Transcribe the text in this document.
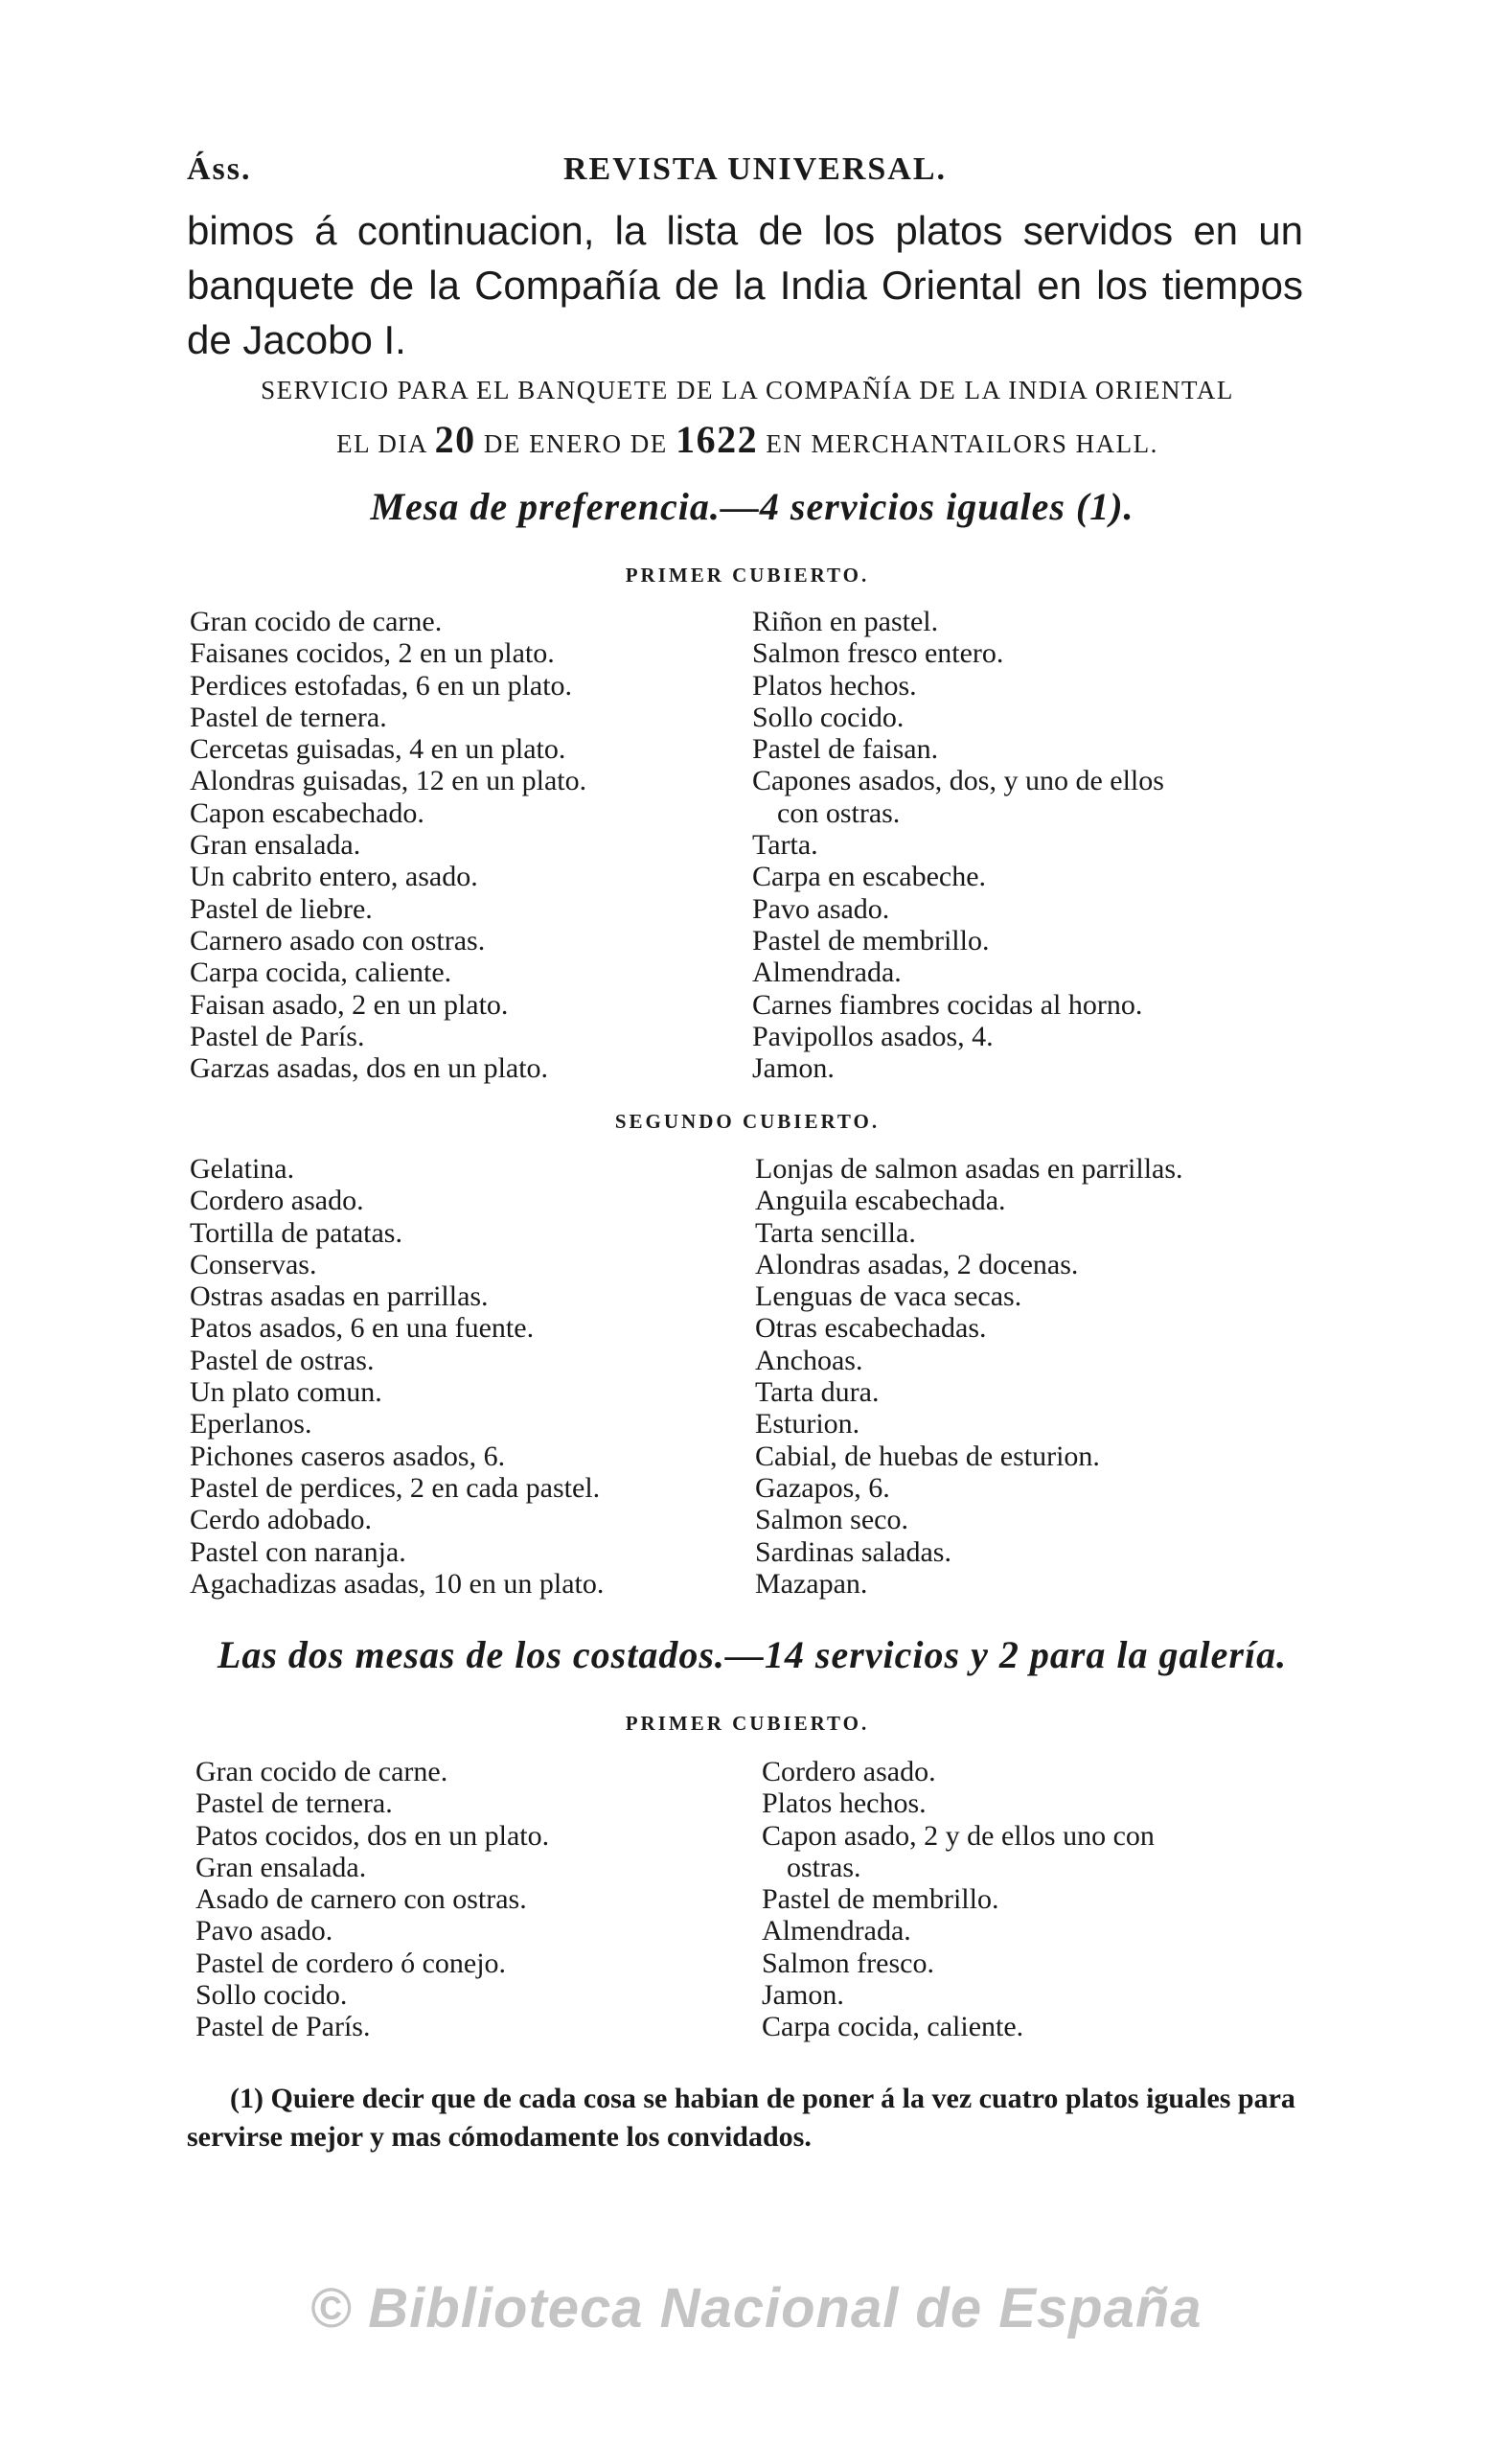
Áss.	REVISTA UNIVERSAL.
bimos á continuacion, la lista de los platos servidos en un banquete de la Compañía de la India Oriental en los tiempos de Jacobo I.
SERVICIO PARA EL BANQUETE DE LA COMPAÑÍA DE LA INDIA ORIENTAL
EL DIA 20 DE ENERO DE 1622 EN MERCHANTAILORS HALL.
Mesa de preferencia.—4 servicios iguales (1).
PRIMER CUBIERTO.
Gran cocido de carne.
Faisanes cocidos, 2 en un plato.
Perdices estofadas, 6 en un plato.
Pastel de ternera.
Cercetas guisadas, 4 en un plato.
Alondras guisadas, 12 en un plato.
Capon escabechado.
Gran ensalada.
Un cabrito entero, asado.
Pastel de liebre.
Carnero asado con ostras.
Carpa cocida, caliente.
Faisan asado, 2 en un plato.
Pastel de París.
Garzas asadas, dos en un plato.
Riñon en pastel.
Salmon fresco entero.
Platos hechos.
Sollo cocido.
Pastel de faisan.
Capones asados, dos, y uno de ellos
con ostras.
Tarta.
Carpa en escabeche.
Pavo asado.
Pastel de membrillo.
Almendrada.
Carnes fiambres cocidas al horno.
Pavipollos asados, 4.
Jamon.
SEGUNDO CUBIERTO.
Gelatina.
Cordero asado.
Tortilla de patatas.
Conservas.
Ostras asadas en parrillas.
Patos asados, 6 en una fuente.
Pastel de ostras.
Un plato comun.
Eperlanos.
Pichones caseros asados, 6.
Pastel de perdices, 2 en cada pastel.
Cerdo adobado.
Pastel con naranja.
Agachadizas asadas, 10 en un plato.
Lonjas de salmon asadas en parrillas.
Anguila escabechada.
Tarta sencilla.
Alondras asadas, 2 docenas.
Lenguas de vaca secas.
Otras escabechadas.
Anchoas.
Tarta dura.
Esturion.
Cabial, de huebas de esturion.
Gazapos, 6.
Salmon seco.
Sardinas saladas.
Mazapan.
Las dos mesas de los costados.—14 servicios y 2 para la galería.
PRIMER CUBIERTO.
Gran cocido de carne.
Pastel de ternera.
Patos cocidos, dos en un plato.
Gran ensalada.
Asado de carnero con ostras.
Pavo asado.
Pastel de cordero ó conejo.
Sollo cocido.
Pastel de París.
Cordero asado.
Platos hechos.
Capon asado, 2 y de ellos uno con
ostras.
Pastel de membrillo.
Almendrada.
Salmon fresco.
Jamon.
Carpa cocida, caliente.
(1) Quiere decir que de cada cosa se habian de poner á la vez cuatro platos iguales para servirse mejor y mas cómodamente los convidados.
© Biblioteca Nacional de España
